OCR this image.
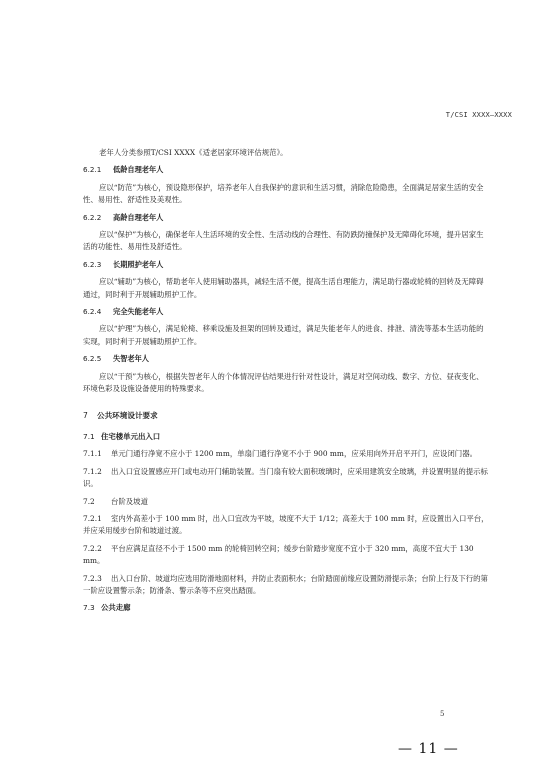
T/CSI XXXX—XXXX

老年人分类参照T/CSI XXXX《适老居家环境评估规范》。

6.2.1 低龄自理老年人

应以“防范”为核心，预设隐形保护，培养老年人自我保护的意识和生活习惯，消除危险隐患，全面满足居家生活的安全性、易用性、舒适性及美观性。

6.2.2 高龄自理老年人

应以“保护”为核心，确保老年人生活环境的安全性、生活动线的合理性、有防跌防撞保护及无障碍化环境，提升居家生活的功能性、易用性及舒适性。

6.2.3 长期照护老年人

应以“辅助”为核心，帮助老年人使用辅助器具，减轻生活不便，提高生活自理能力，满足助行器或轮椅的回转及无障碍通过，同时利于开展辅助照护工作。

6.2.4 完全失能老年人

应以“护理”为核心，满足轮椅、移乘设施及担架的回转及通过，满足失能老年人的进食、排泄、清洗等基本生活功能的实现，同时利于开展辅助照护工作。

6.2.5 失智老年人

应以“干预”为核心，根据失智老年人的个体情况评估结果进行针对性设计，满足对空间动线、数字、方位、昼夜变化、环境色彩及设施设备使用的特殊要求。

7 公共环境设计要求

7.1 住宅楼单元出入口

7.1.1 单元门通行净宽不应小于 1200 mm，单扇门通行净宽不小于 900 mm，应采用向外开启平开门，应设闭门器。

7.1.2 出入口宜设置感应开门或电动开门辅助装置。当门扇有较大面积玻璃时，应采用建筑安全玻璃，并设置明显的提示标识。

7.2 台阶及坡道

7.2.1 室内外高差小于 100 mm 时，出入口宜改为平坡，坡度不大于 1/12；高差大于 100 mm 时，应设置出入口平台，并应采用缓步台阶和坡道过渡。

7.2.2 平台应满足直径不小于 1500 mm 的轮椅回转空间；缓步台阶踏步宽度不宜小于 320 mm，高度不宜大于 130 mm。

7.2.3 出入口台阶、坡道均应选用防滑地面材料，并防止表面积水；台阶踏面前缘应设置防滑提示条；台阶上行及下行的第一阶应设置警示条；防滑条、警示条等不应突出踏面。

7.3 公共走廊

5
— 11 —
